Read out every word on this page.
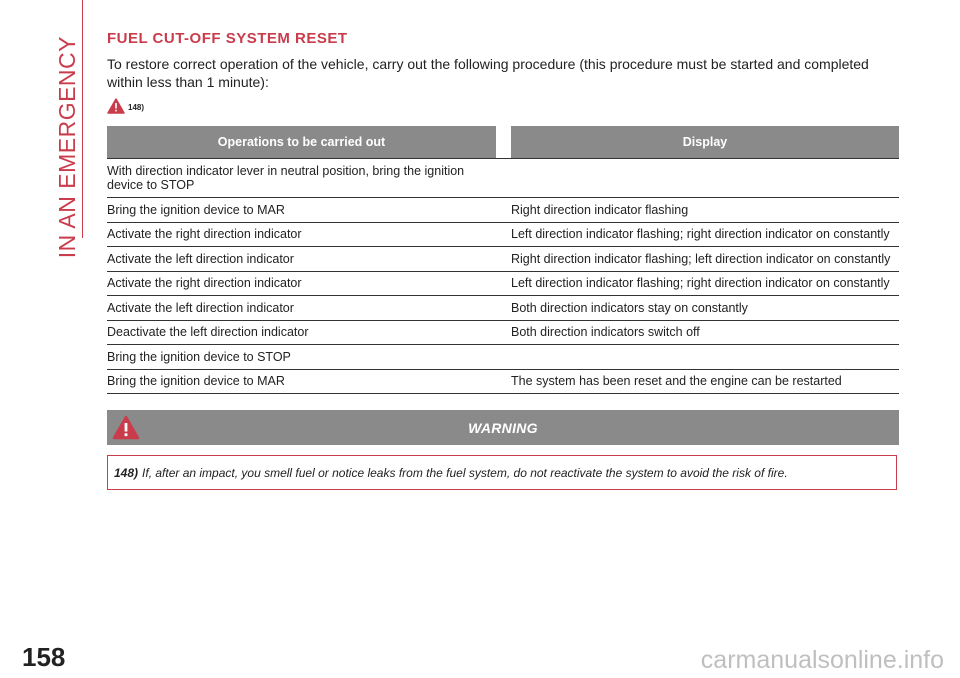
IN AN EMERGENCY FUEL CUT-OFF SYSTEM RESET

To restore correct operation of the vehicle, carry out the following procedure (this procedure must be started and completed within less than 1 minute):

148)
Operations to be carried out		Display
With direction indicator lever in neutral position, bring the ignition device to STOP		
Bring the ignition device to MAR		Right direction indicator flashing
Activate the right direction indicator		Left direction indicator flashing; right direction indicator on constantly
Activate the left direction indicator		Right direction indicator flashing; left direction indicator on constantly
Activate the right direction indicator		Left direction indicator flashing; right direction indicator on constantly
Activate the left direction indicator		Both direction indicators stay on constantly
Deactivate the left direction indicator		Both direction indicators switch off
Bring the ignition device to STOP		
Bring the ignition device to MAR		The system has been reset and the engine can be restarted
WARNING
148) If, after an impact, you smell fuel or notice leaks from the fuel system, do not reactivate the system to avoid the risk of fire.
158	carmanualsonline.info
